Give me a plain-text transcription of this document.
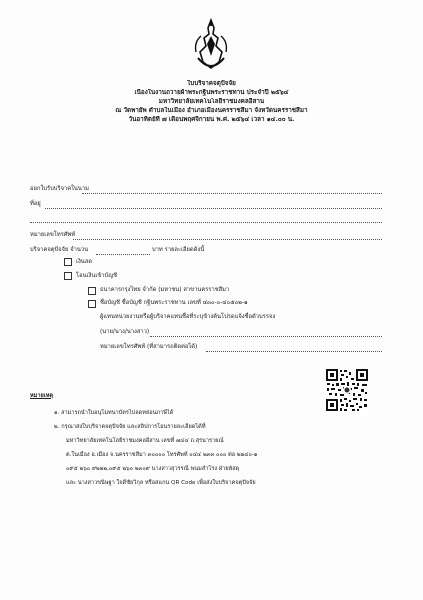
ใบบริจาคจตุปัจจัย
เนื่องในงานถวายผ้าพระกฐินพระราชทาน ประจำปี ๒๕๖๔
มหาวิทยาลัยเทคโนโลยีราชมงคลอีสาน
ณ วัดพายัพ ตำบลในเมือง อำเภอเมืองนครราชสีมา จังหวัดนครราชสีมา
วันอาทิตย์ที่ ๗ เดือนพฤศจิกายน พ.ศ. ๒๕๖๔ เวลา ๑๔.๐๐ น.
ออกใบรับบริจาคในนาม
ที่อยู่
หมายเลขโทรศัพท์
บริจาคจตุปัจจัย จำนวน	บาท รายละเอียดดังนี้
เงินสด
โอนเงินเข้าบัญชี
ธนาคารกรุงไทย จำกัด (มหาชน) สาขานครราชสีมา
ชื่อบัญชี ชื่อบัญชี กฐินพระราชทาน เลขที่ ๔๓๐-๐-๔๐๕๐๒-๑
ผู้แทนหน่วยงานหรือผู้บริจาคแทนชื่อที่ระบุข้างต้นโปรดแจ้งชื่อตัวบรรจง
(นาย/นาง/นางสาว)
หมายเลขโทรศัพท์ (ที่สามารถติดต่อได้)
หมายเหตุ
๑. สามารถนำใบอนุโมทนาบัตรไปลดหย่อนภาษีได้
๒. กรุณาส่งใบบริจาคจตุปัจจัย และสลิปการโอนรายละเอียดได้ที่
มหาวิทยาลัยเทคโนโลยีราชมงคลอีสาน เลขที่ ๗๔๔ ถ.สุรนารายณ์
ต.ในเมือง อ.เมือง จ.นครราชสีมา ๓๐๐๐๐ โทรศัพท์ ๐๔๔ ๒๓๓ ๐๐๐ ต่อ ๒๒๔๐-๑
๐๙๕ ๒๖๐ ๙๒๒๒,๐๙๕ ๒๖๐ ๒๓๐๙ นางสาวสุวรรณี พนมลำโรง ฝ่ายพัสดุ
และ นางสาวขนิษฐา ใจดีชัยวิกุล หรือสแกน QR Code เพื่อส่งใบบริจาคจตุปัจจัย
